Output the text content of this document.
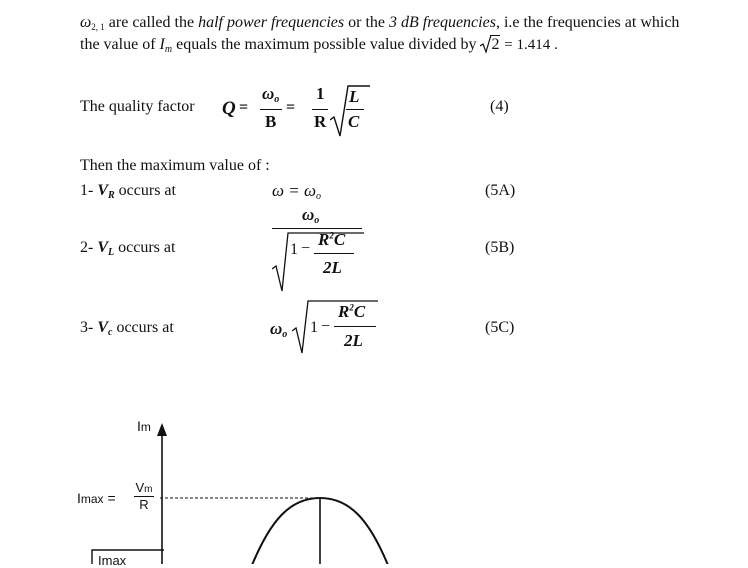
ω2, 1 are called the half power frequencies or the 3 dB frequencies, i.e the frequencies at which
the value of $I_m$ equals the maximum possible value divided by
2 = 1.414 .
The quality factor Q =
$\omega_o$
B
=
1
R
L
C
(4)
Then the maximum value of :
1- $V_R$ occurs at	$\omega = \omega_o$	(5A)
2- $V_L$ occurs at
$\omega_o$
$1 - R^2C$
2L
(5B)
3- $V_c$ occurs at	$\omega_o$ 1 −
$R^2C$
2L
(5C)
Im
Imax =
Vm
R
Imax
